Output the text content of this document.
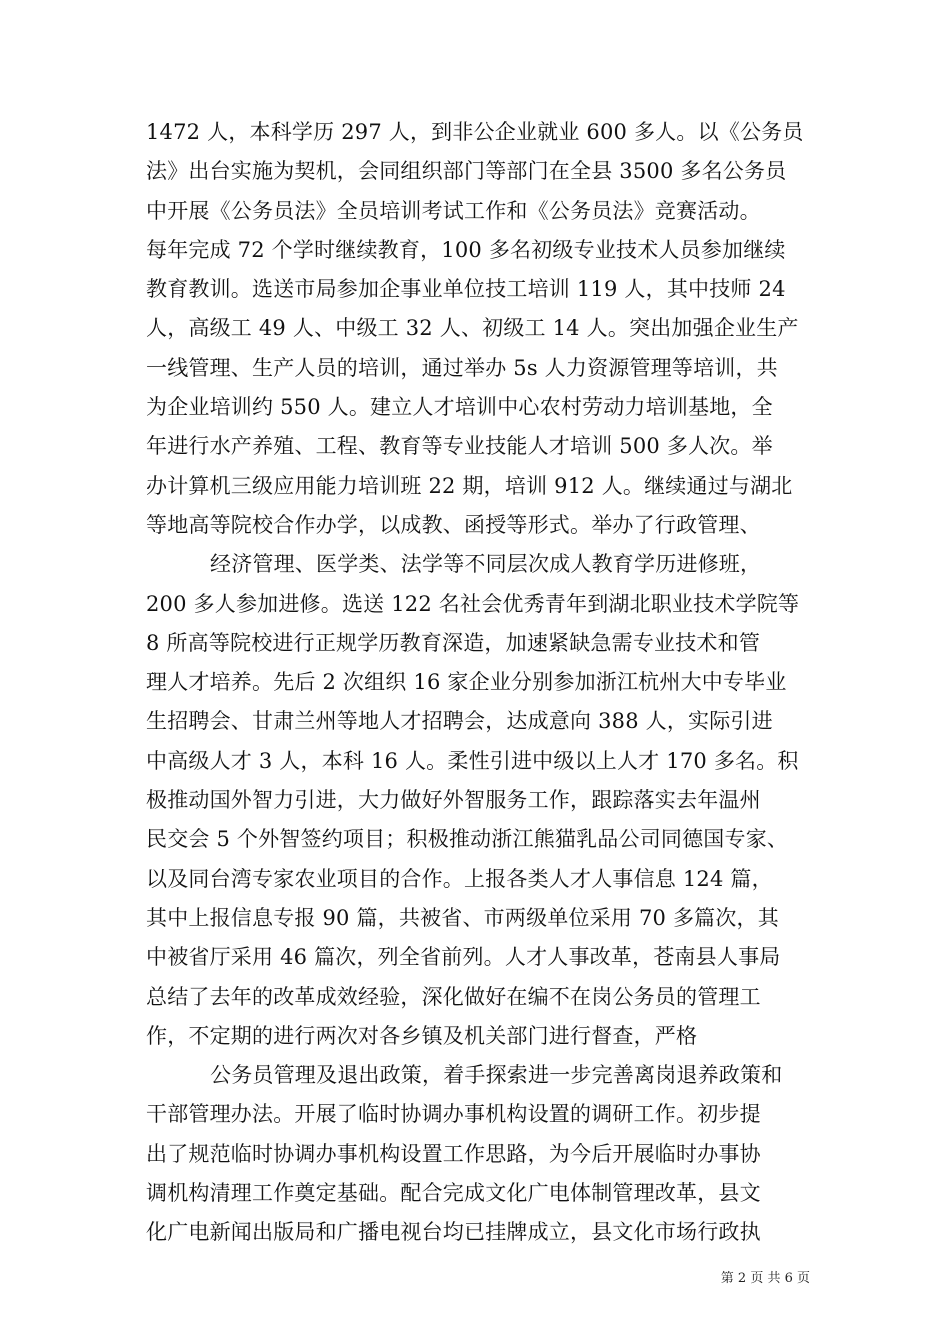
1472 人，本科学历 297 人，到非公企业就业 600 多人。以《公务员
法》出台实施为契机，会同组织部门等部门在全县 3500 多名公务员
中开展《公务员法》全员培训考试工作和《公务员法》竞赛活动。
每年完成 72 个学时继续教育，100 多名初级专业技术人员参加继续
教育教训。选送市局参加企事业单位技工培训 119 人，其中技师 24
人，高级工 49 人、中级工 32 人、初级工 14 人。突出加强企业生产
一线管理、生产人员的培训，通过举办 5s 人力资源管理等培训，共
为企业培训约 550 人。建立人才培训中心农村劳动力培训基地，全
年进行水产养殖、工程、教育等专业技能人才培训 500 多人次。举
办计算机三级应用能力培训班 22 期，培训 912 人。继续通过与湖北
等地高等院校合作办学，以成教、函授等形式。举办了行政管理、
经济管理、医学类、法学等不同层次成人教育学历进修班，
200 多人参加进修。选送 122 名社会优秀青年到湖北职业技术学院等
8 所高等院校进行正规学历教育深造，加速紧缺急需专业技术和管
理人才培养。先后 2 次组织 16 家企业分别参加浙江杭州大中专毕业
生招聘会、甘肃兰州等地人才招聘会，达成意向 388 人，实际引进
中高级人才 3 人，本科 16 人。柔性引进中级以上人才 170 多名。积
极推动国外智力引进，大力做好外智服务工作，跟踪落实去年温州
民交会 5 个外智签约项目；积极推动浙江熊猫乳品公司同德国专家、
以及同台湾专家农业项目的合作。上报各类人才人事信息 124 篇，
其中上报信息专报 90 篇，共被省、市两级单位采用 70 多篇次，其
中被省厅采用 46 篇次，列全省前列。人才人事改革，苍南县人事局
总结了去年的改革成效经验，深化做好在编不在岗公务员的管理工
作，不定期的进行两次对各乡镇及机关部门进行督查，严格
公务员管理及退出政策，着手探索进一步完善离岗退养政策和
干部管理办法。开展了临时协调办事机构设置的调研工作。初步提
出了规范临时协调办事机构设置工作思路，为今后开展临时办事协
调机构清理工作奠定基础。配合完成文化广电体制管理改革，县文
化广电新闻出版局和广播电视台均已挂牌成立，县文化市场行政执
第 2 页 共 6 页
